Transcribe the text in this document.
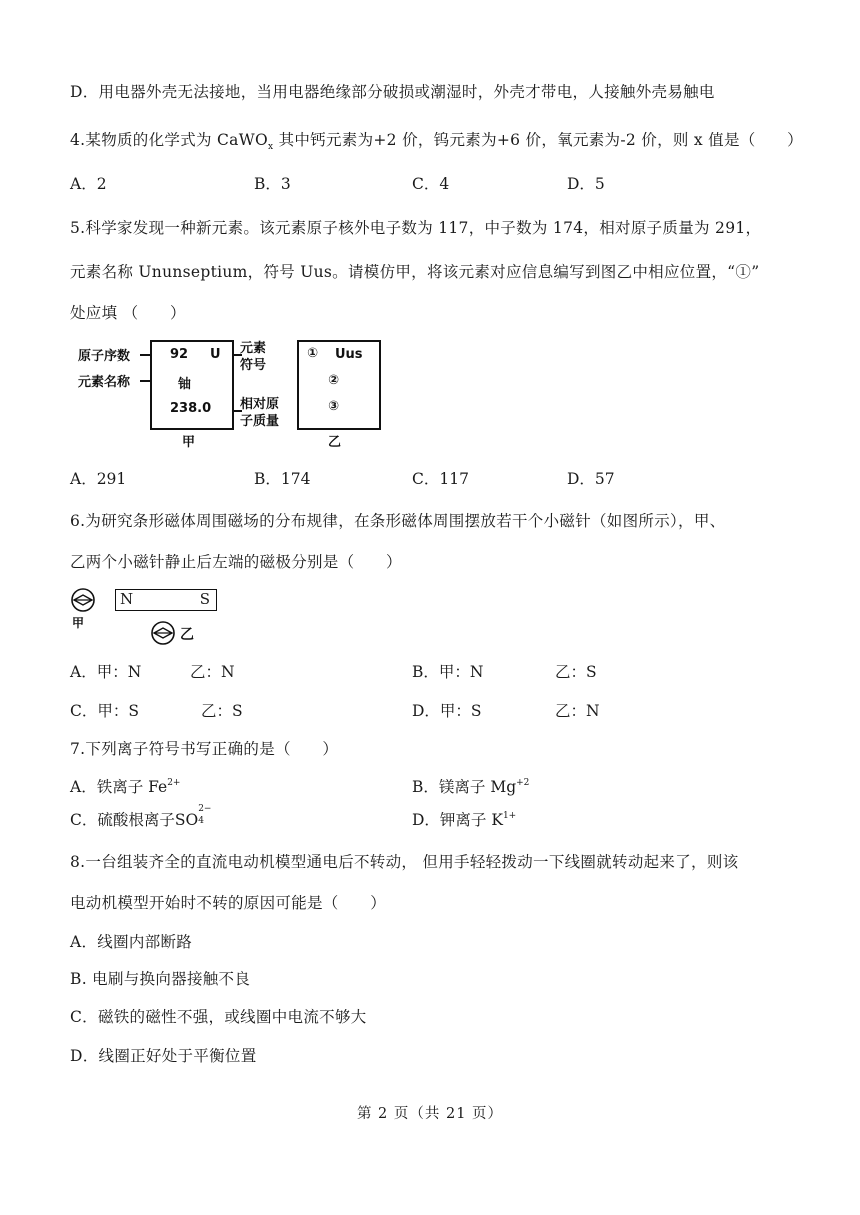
D．用电器外壳无法接地，当用电器绝缘部分破损或潮湿时，外壳才带电，人接触外壳易触电
4.某物质的化学式为 CaWO$_x$ 其中钙元素为+2 价，钨元素为+6 价，氧元素为-2 价，则 x 值是（　　）
A．2	B．3	C．4	D．5
5.科学家发现一种新元素。该元素原子核外电子数为 117，中子数为 174，相对原子质量为 291，
元素名称 Ununseptium，符号 Uus。请模仿甲，将该元素对应信息编写到图乙中相应位置，“①”
处应填 （　　）
原子序数
元素名称
92 U
铀
238.0
元素
符号
相对原
子质量
甲
① Uus
②
③
乙
A．291	B．174	C．117	D．57
6.为研究条形磁体周围磁场的分布规律，在条形磁体周围摆放若干个小磁针（如图所示），甲、
乙两个小磁针静止后左端的磁极分别是（　　）
甲
N	S
乙
A．甲：N	乙：N	B．甲：N	乙：S
C．甲：S	乙：S	D．甲：S	乙：N
7.下列离子符号书写正确的是（　　）
A．铁离子 $Fe^{2+}$	B．镁离子 $Mg^{+2}$
C．硫酸根离子SO
2−
4	D．钾离子 $K^{1+}$
8.一台组装齐全的直流电动机模型通电后不转动， 但用手轻轻拨动一下线圈就转动起来了，则该
电动机模型开始时不转的原因可能是（　　）
A．线圈内部断路
B. 电刷与换向器接触不良
C．磁铁的磁性不强，或线圈中电流不够大
D．线圈正好处于平衡位置
第 2 页（共 21 页）
